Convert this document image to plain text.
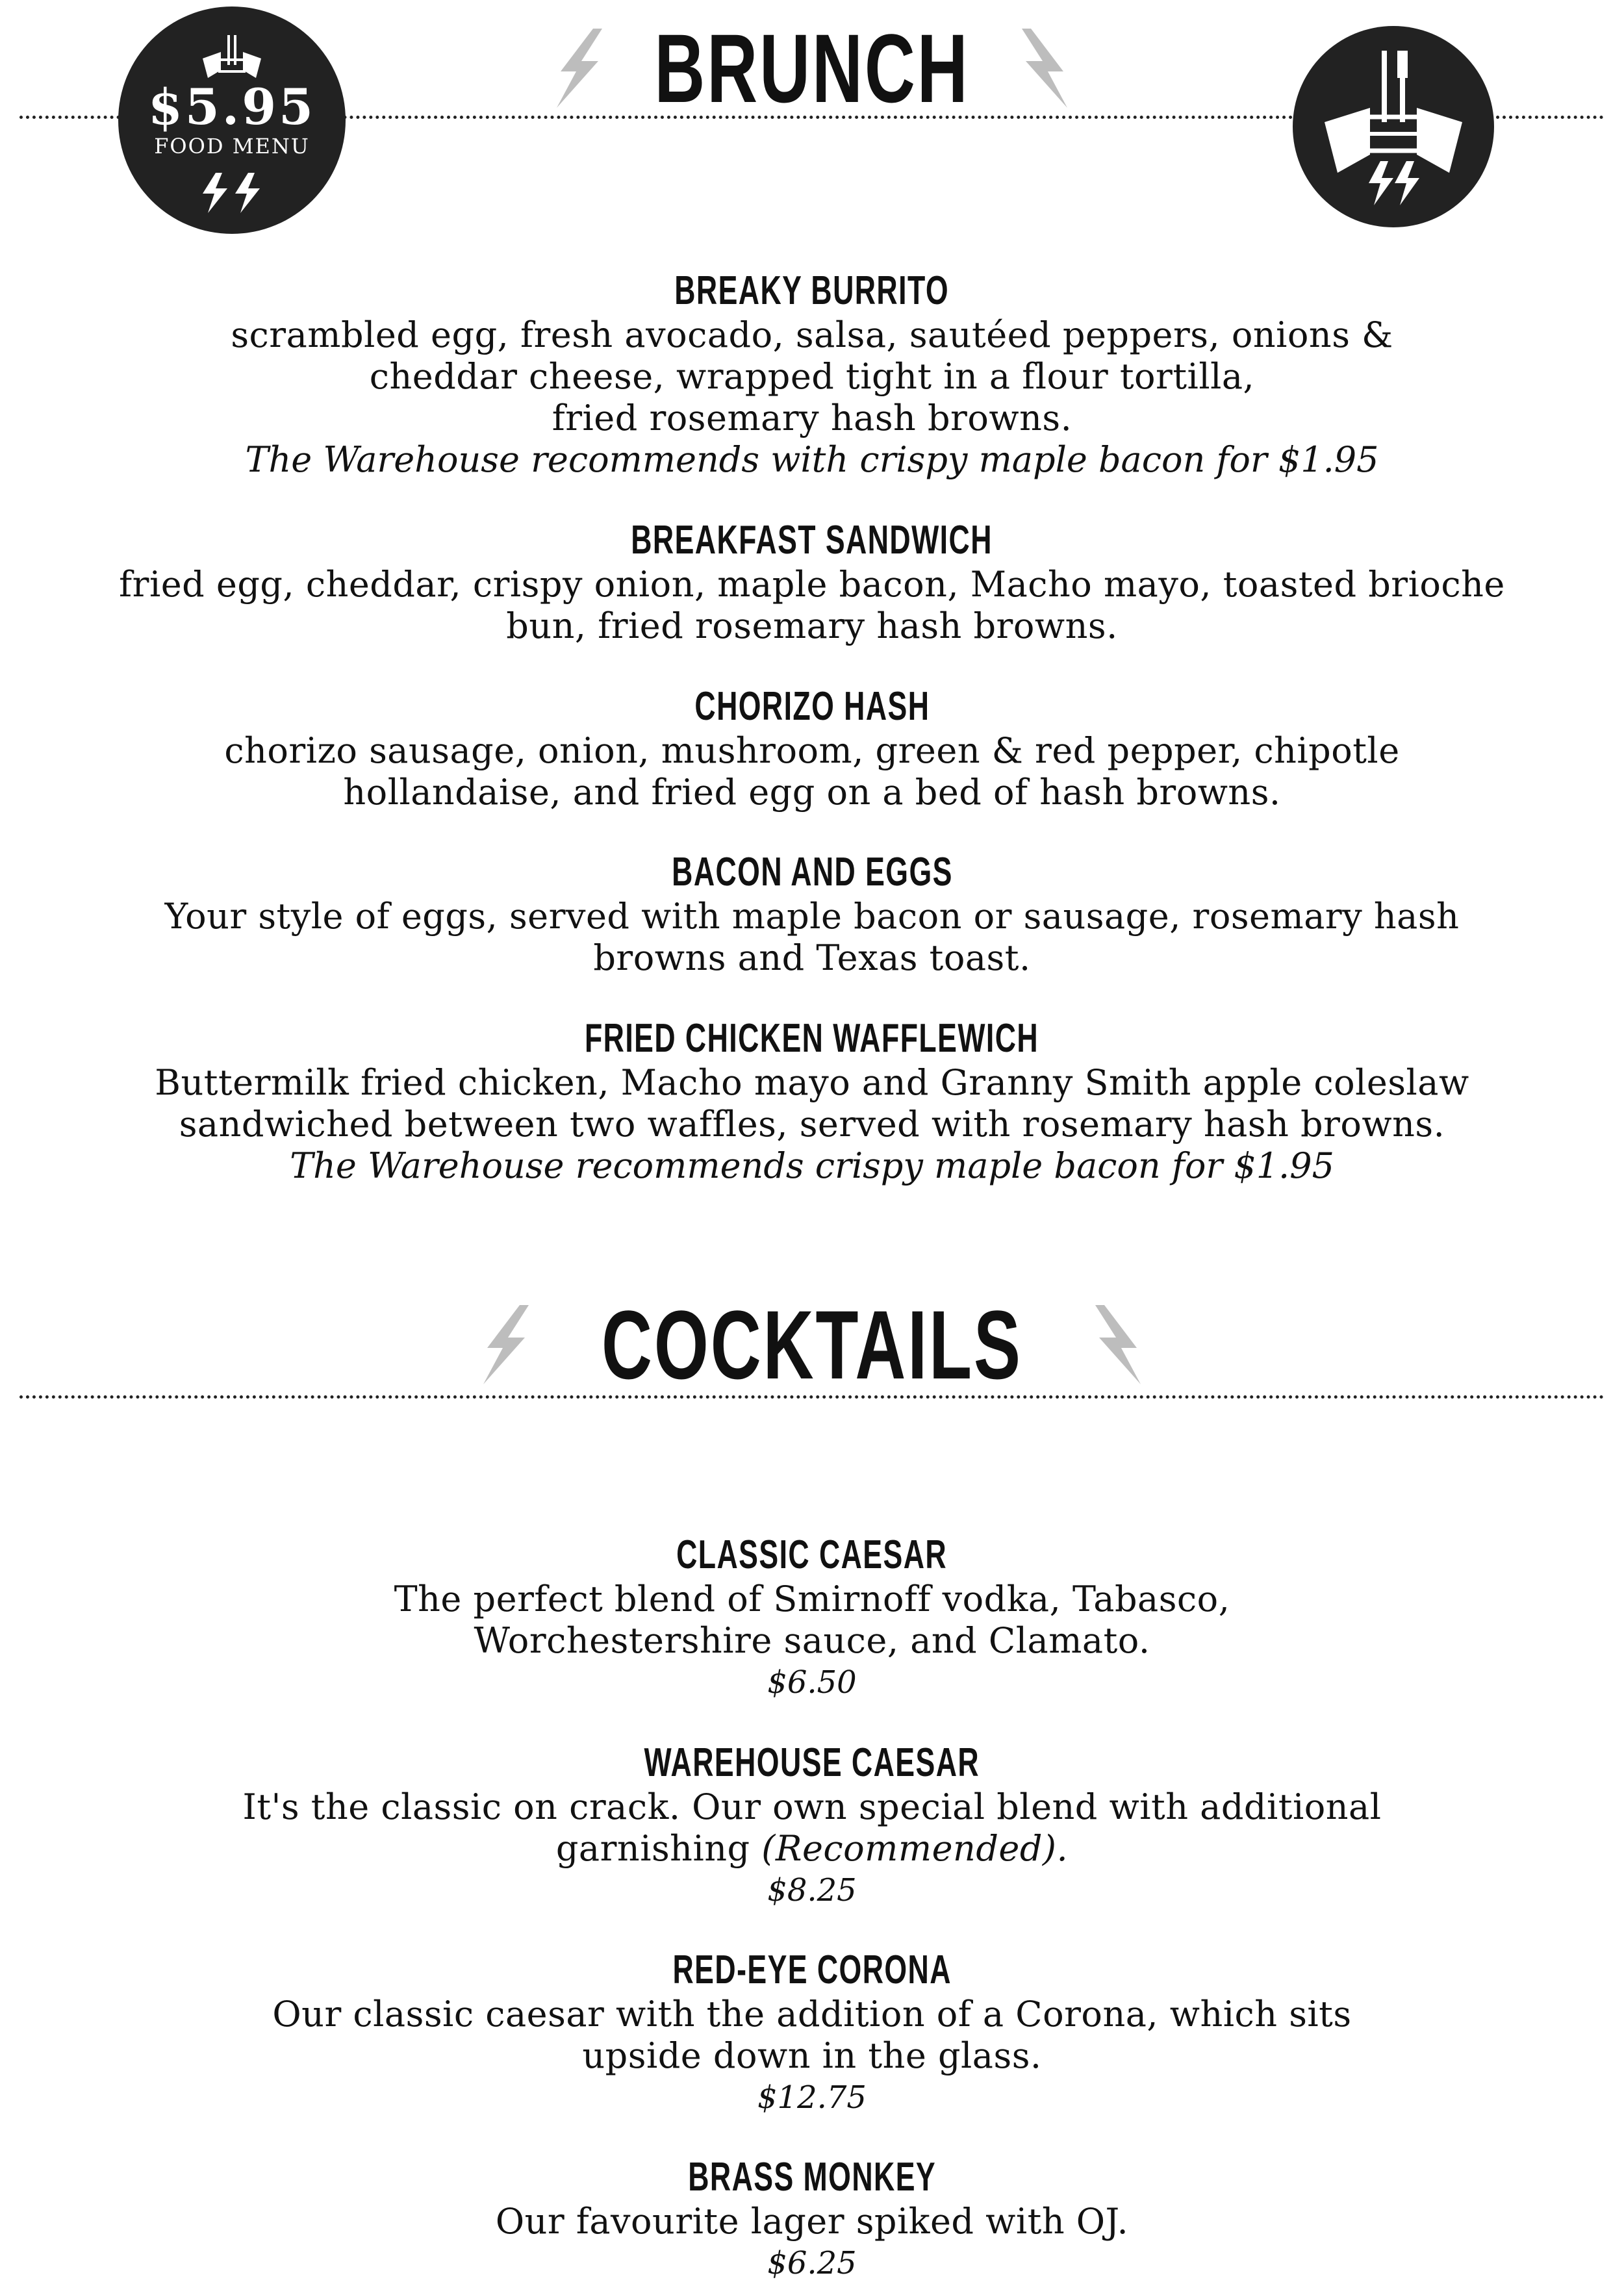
$5.95
FOOD MENU
BRUNCH
BREAKY BURRITO
scrambled egg, fresh avocado, salsa, sautéed peppers, onions &
cheddar cheese, wrapped tight in a flour tortilla,
fried rosemary hash browns.
The Warehouse recommends with crispy maple bacon for $1.95
BREAKFAST SANDWICH
fried egg, cheddar, crispy onion, maple bacon, Macho mayo, toasted brioche
bun, fried rosemary hash browns.
CHORIZO HASH
chorizo sausage, onion, mushroom, green & red pepper, chipotle
hollandaise, and fried egg on a bed of hash browns.
BACON AND EGGS
Your style of eggs, served with maple bacon or sausage, rosemary hash
browns and Texas toast.
FRIED CHICKEN WAFFLEWICH
Buttermilk fried chicken, Macho mayo and Granny Smith apple coleslaw
sandwiched between two waffles, served with rosemary hash browns.
The Warehouse recommends crispy maple bacon for $1.95
COCKTAILS
CLASSIC CAESAR
The perfect blend of Smirnoff vodka, Tabasco,
Worchestershire sauce, and Clamato.
$6.50
WAREHOUSE CAESAR
It's the classic on crack. Our own special blend with additional
garnishing (Recommended).
$8.25
RED-EYE CORONA
Our classic caesar with the addition of a Corona, which sits
upside down in the glass.
$12.75
BRASS MONKEY
Our favourite lager spiked with OJ.
$6.25
